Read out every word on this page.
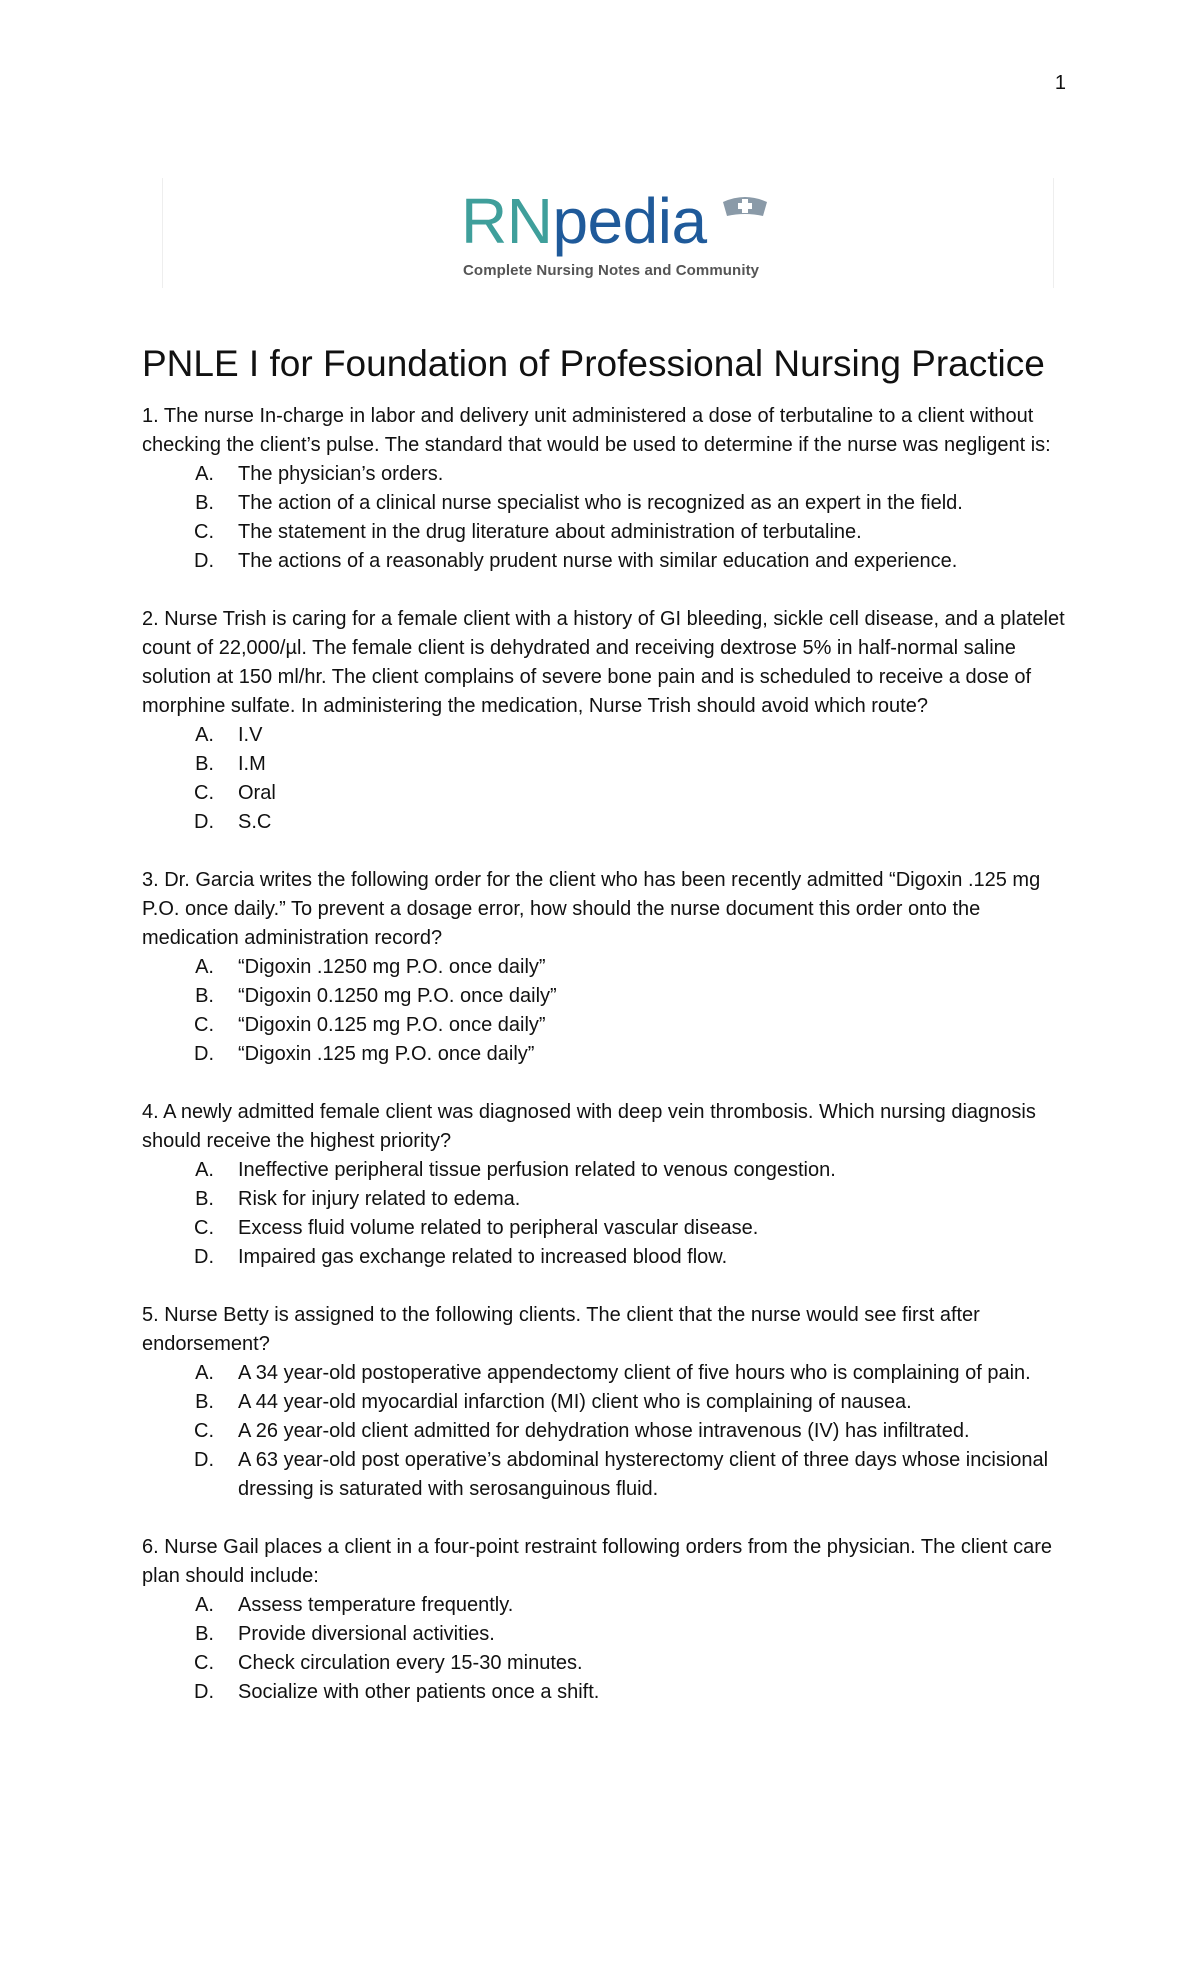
1
RNpedia
Complete Nursing Notes and Community
PNLE I for Foundation of Professional Nursing Practice

1. The nurse In-charge in labor and delivery unit administered a dose of terbutaline to a client without checking the client’s pulse. The standard that would be used to determine if the nurse was negligent is:

A. The physician’s orders.
B. The action of a clinical nurse specialist who is recognized as an expert in the field.
C. The statement in the drug literature about administration of terbutaline.
D. The actions of a reasonably prudent nurse with similar education and experience.

2. Nurse Trish is caring for a female client with a history of GI bleeding, sickle cell disease, and a platelet count of 22,000/µl. The female client is dehydrated and receiving dextrose 5% in half-normal saline solution at 150 ml/hr. The client complains of severe bone pain and is scheduled to receive a dose of morphine sulfate. In administering the medication, Nurse Trish should avoid which route?

A. I.V
B. I.M
C. Oral
D. S.C

3. Dr. Garcia writes the following order for the client who has been recently admitted “Digoxin .125 mg P.O. once daily.” To prevent a dosage error, how should the nurse document this order onto the medication administration record?

A. “Digoxin .1250 mg P.O. once daily”
B. “Digoxin 0.1250 mg P.O. once daily”
C. “Digoxin 0.125 mg P.O. once daily”
D. “Digoxin .125 mg P.O. once daily”

4. A newly admitted female client was diagnosed with deep vein thrombosis. Which nursing diagnosis should receive the highest priority?

A. Ineffective peripheral tissue perfusion related to venous congestion.
B. Risk for injury related to edema.
C. Excess fluid volume related to peripheral vascular disease.
D. Impaired gas exchange related to increased blood flow.

5. Nurse Betty is assigned to the following clients. The client that the nurse would see first after endorsement?

A. A 34 year-old postoperative appendectomy client of five hours who is complaining of pain.
B. A 44 year-old myocardial infarction (MI) client who is complaining of nausea.
C. A 26 year-old client admitted for dehydration whose intravenous (IV) has infiltrated.
D. A 63 year-old post operative’s abdominal hysterectomy client of three days whose incisional dressing is saturated with serosanguinous fluid.

6. Nurse Gail places a client in a four-point restraint following orders from the physician. The client care plan should include:

A. Assess temperature frequently.
B. Provide diversional activities.
C. Check circulation every 15-30 minutes.
D. Socialize with other patients once a shift.
